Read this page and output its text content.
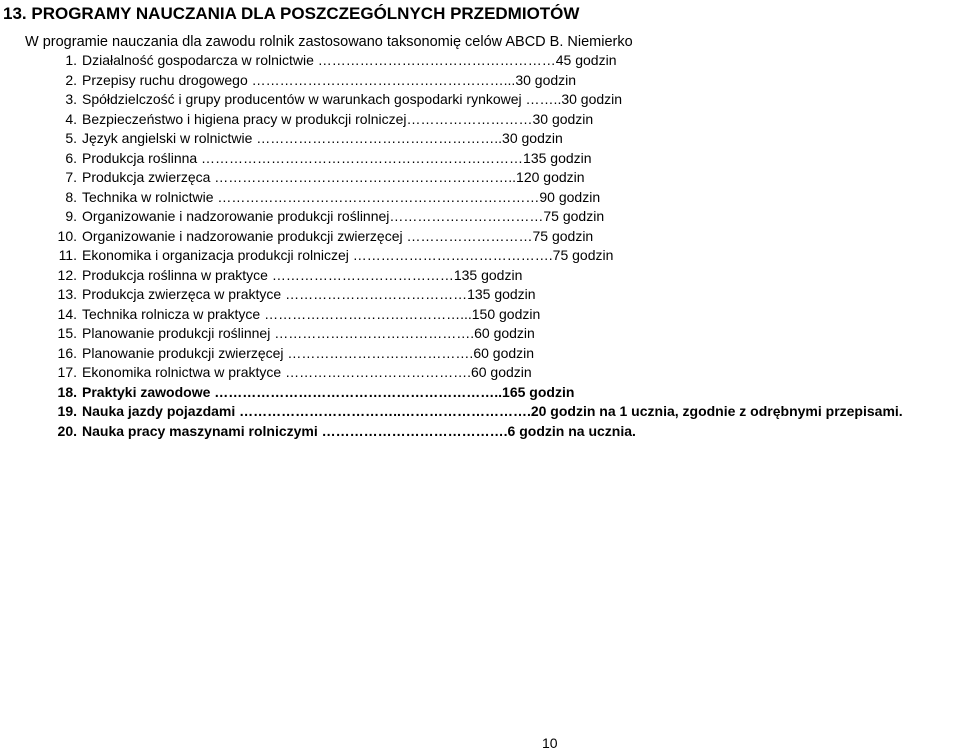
13. PROGRAMY NAUCZANIA DLA POSZCZEGÓLNYCH PRZEDMIOTÓW
W programie nauczania dla zawodu rolnik zastosowano taksonomię celów ABCD B. Niemierko
1. Działalność gospodarcza w rolnictwie ……………………………………………45 godzin
2. Przepisy ruchu drogowego ………………………………………………...30 godzin
3. Spółdzielczość i grupy producentów w warunkach gospodarki rynkowej ……..30 godzin
4. Bezpieczeństwo i higiena pracy w produkcji rolniczej………………………30 godzin
5. Język angielski w rolnictwie ……………………………………………..30 godzin
6. Produkcja roślinna ……………………………………………………………135 godzin
7. Produkcja zwierzęca ………………………………………………………..120 godzin
8. Technika w rolnictwie ……………………………………………………………90 godzin
9. Organizowanie i nadzorowanie produkcji roślinnej……………………………75 godzin
10. Organizowanie i nadzorowanie produkcji zwierzęcej ………………………75 godzin
11. Ekonomika i organizacja produkcji rolniczej …………………………………….75 godzin
12. Produkcja roślinna w praktyce …………………………………135 godzin
13. Produkcja zwierzęca w praktyce …………………………………135 godzin
14. Technika rolnicza w praktyce ……………………………………...150 godzin
15. Planowanie produkcji roślinnej …………………………………….60 godzin
16. Planowanie produkcji zwierzęcej ………………………………….60 godzin
17. Ekonomika rolnictwa w praktyce ………………………………….60 godzin
18. Praktyki zawodowe ……………………………………………………..165 godzin
19. Nauka jazdy pojazdami ……………………………..……………………….20 godzin na 1 ucznia, zgodnie z odrębnymi przepisami.
20. Nauka pracy maszynami rolniczymi ………………………………….6 godzin na ucznia.
10
